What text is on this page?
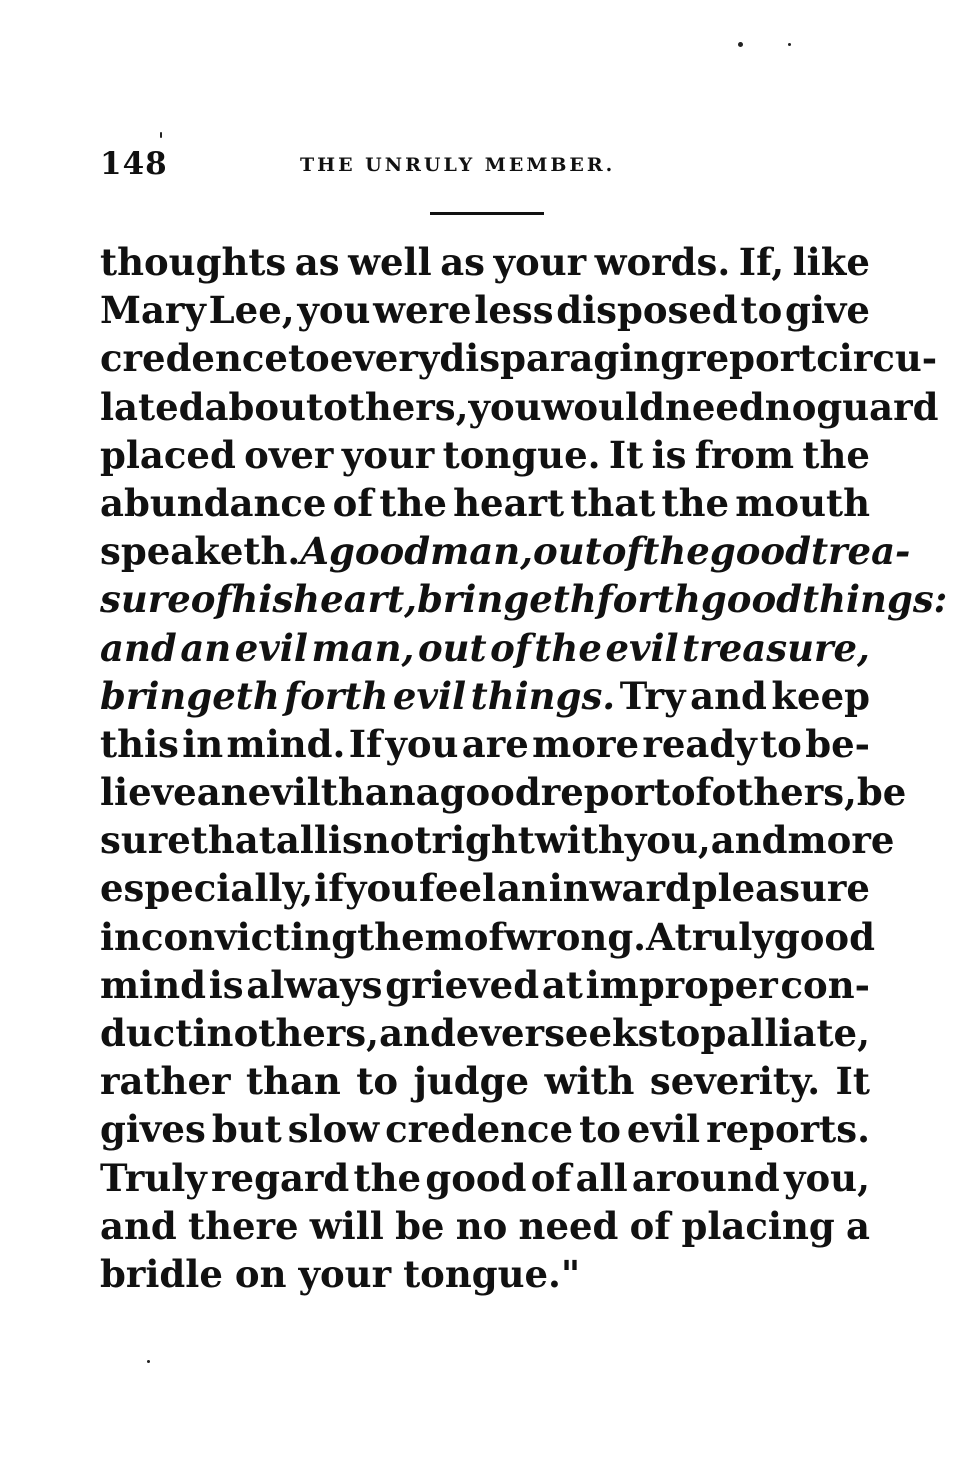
148	THE UNRULY MEMBER.
thoughts as well as your words. If, like
Mary Lee, you were less disposed to give
credence to every disparaging report circu-
lated about others, you would need no guard
placed over your tongue. It is from the
abundance of the heart that the mouth
speaketh. A good man, out of the good trea-
sure of his heart, bringeth forth good things:
and an evil man, out of the evil treasure,
bringeth forth evil things. Try and keep
this in mind. If you are more ready to be-
lieve an evil than a good report of others, be
sure that all is not right with you, and more
especially, if you feel an inward pleasure
in convicting them of wrong. A truly good
mind is always grieved at improper con-
duct in others, and ever seeks to palliate,
rather than to judge with severity. It
gives but slow credence to evil reports.
Truly regard the good of all around you,
and there will be no need of placing a
bridle on your tongue."
